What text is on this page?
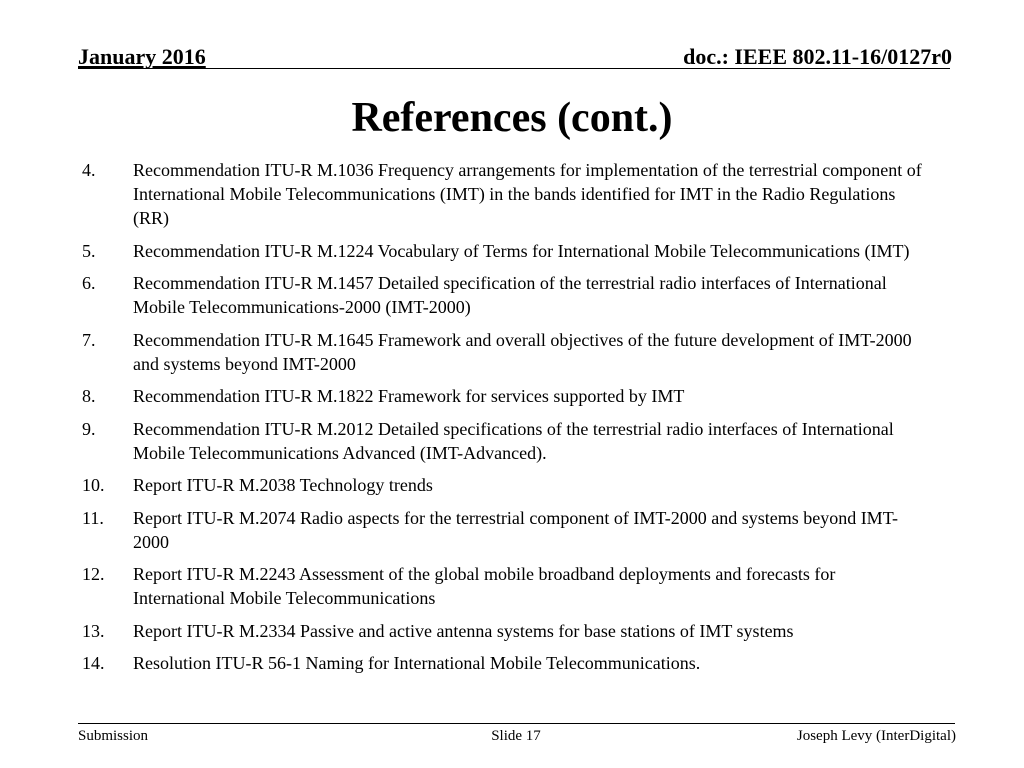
January 2016	doc.: IEEE 802.11-16/0127r0
References (cont.)
4.	Recommendation ITU-R M.1036 Frequency arrangements for implementation of the terrestrial component of International Mobile Telecommunications (IMT) in the bands identified for IMT in the Radio Regulations (RR)
5.	Recommendation ITU-R M.1224 Vocabulary of Terms for International Mobile Telecommunications (IMT)
6.	Recommendation ITU-R M.1457 Detailed specification of the terrestrial radio interfaces of International Mobile Telecommunications-2000 (IMT-2000)
7.	Recommendation ITU-R M.1645 Framework and overall objectives of the future development of IMT-2000 and systems beyond IMT-2000
8.	Recommendation ITU-R M.1822 Framework for services supported by IMT
9.	Recommendation ITU-R M.2012 Detailed specifications of the terrestrial radio interfaces of International Mobile Telecommunications Advanced (IMT-Advanced).
10.	Report ITU-R M.2038 Technology trends
11.	Report ITU-R M.2074 Radio aspects for the terrestrial component of IMT-2000 and systems beyond IMT-2000
12.	Report ITU-R M.2243 Assessment of the global mobile broadband deployments and forecasts for International Mobile Telecommunications
13.	Report ITU-R M.2334 Passive and active antenna systems for base stations of IMT systems
14.	Resolution ITU-R 56-1 Naming for International Mobile Telecommunications.
Submission	Slide 17	Joseph Levy (InterDigital)
